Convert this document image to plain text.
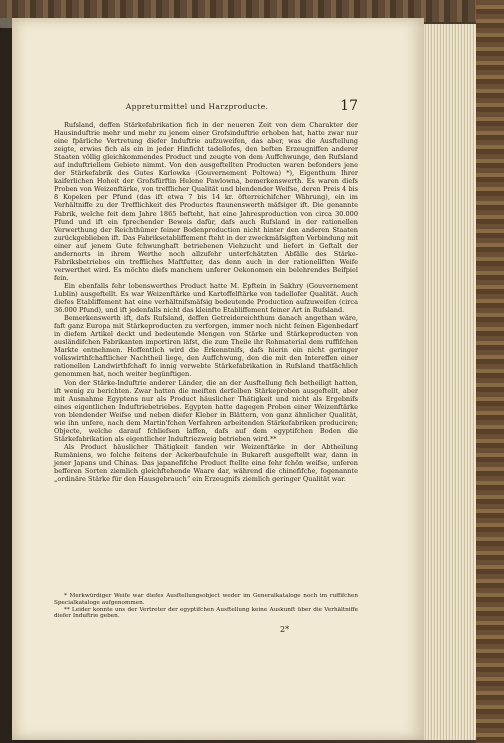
Appreturmittel und Harzproducte.	17

Rufsland, deffen Stärkefabrikation fich in der neueren Zeit von dem Charakter der Hausinduftrie mehr und mehr zu jenem einer Grofsinduftrie erhoben hat, hatte zwar nur eine fpärliche Vertretung diefer Induftrie aufzuweifen, das aber, was die Ausftellung zeigte, erwies fich als ein in jeder Hinficht tadellofes, den beften Erzeugniffen anderer Staaten völlig gleichkommendes Product und zeugte von dem Auffchwunge, den Rufsland auf induftriellem Gebiete nimmt. Von den ausgeftellten Producten waren befonders jene der Stärkefabrik des Gutes Karlowka (Gouvernement Poltowa) *), Eigenthum Ihrer kaiferlichen Hoheit der Grofsfürftin Helene Pawlowna, bemerkenswerth. Es waren diefs Proben von Weizenftärke, von trefflicher Qualität und blendender Weifse, deren Preis 4 bis 8 Kopeken per Pfund (das ift etwa 7 bis 14 kr. öfterreichifcher Währung), ein im Verhältniffe zu der Trefflichkeit des Productes ftaunenswerth mäfsiger ift. Die genannte Fabrik, welche feit dem Jahre 1865 befteht, hat eine Jahresproduction von circa 30.000 Pfund und ift ein fprechender Beweis dafür, dafs auch Rufsland in der rationellen Verwerthung der Reichthümer feiner Bodenproduction nicht hinter den anderen Staaten zurückgeblieben ift. Das Fabriksetabliffement fteht in der zweckmäfsigften Verbindung mit einer auf jenem Gute fchwunghaft betriebenen Viehzucht und liefert in Geftalt der andernorts in ihrem Werthe noch allzufehr unterfchätzten Abfälle des Stärke-Fabriksbetriebes ein treffliches Maftfutter, das denn auch in der rationellften Weife verwerthet wird. Es möchte diefs manchem unferer Oekonomen ein belehrendes Beifpiel fein.

Ein ebenfalls fehr lobenswerthes Product hatte M. Epftein in Sakhry (Gouvernement Lublin) ausgeftellt. Es war Weizenftärke und Kartoffelftärke von tadellofer Qualität. Auch diefes Etabliffement hat eine verhältnifsmäfsig bedeutende Production aufzuweifen (circa 36.000 Pfund), und ift jedenfalls nicht das kleinfte Etabliffement feiner Art in Rufsland.

Bemerkenswerth ift, dafs Rufsland, deffen Getreidereichthum danach angethan wäre, faft ganz Europa mit Stärkeproducten zu verforgen, immer noch nicht feinen Eigenbedarf in diefem Artikel deckt und bedeutende Mengen von Stärke und Stärkeproducten von ausländifchen Fabrikanten importiren läfst, die zum Theile ihr Rohmaterial dem ruffifchen Markte entnehmen. Hoffentlich wird die Erkenntnifs, dafs hierin ein nicht geringer volkswirthfchaftlicher Nachtheil liege, den Auffchwung, den die mit den Intereffen einer rationellen Landwirthfchaft fo innig verwebte Stärkefabrikation in Rufsland thatfächlich genommen hat, noch weiter begünftigen.

Von der Stärke-Induftrie anderer Länder, die an der Ausftellung fich betheiligt hatten, ift wenig zu berichten. Zwar hatten die meiften derfelben Stärkeproben ausgeftellt, aber mit Ausnahme Egyptens nur als Product häuslicher Thätigkeit und nicht als Ergebnifs eines eigentlichen Induftriebetriebes. Egypten hatte dagegen Proben einer Weizenftärke von blendender Weifse und neben diefer Kleber in Blättern, von ganz ähnlicher Qualität, wie ihn unfere, nach dem Martin'fchen Verfahren arbeitenden Stärkefabriken produciren; Objecte, welche darauf fchliefsen laffen, dafs auf dem egyptifchen Boden die Stärkefabrikation als eigentlicher Induftriezweig betrieben wird.**

Als Product häuslicher Thätigkeit fanden wir Weizenftärke in der Abtheilung Rumäniens, wo folche feitens der Ackerbaufchule in Bukareft ausgeftellt war, dann in jener Japans und Chinas. Das japanefifche Product ftellte eine fehr fchön weifse, unferen befferen Sorten ziemlich gleichftehende Waare dar, während die chinefifche, fogenannte „ordinäre Stärke für den Hausgebrauch“ ein Erzeugnifs ziemlich geringer Qualität war.

* Merkwürdiger Weife war diefes Ausftellungsobject weder im Generalkataloge noch im ruffifchen Specialkataloge aufgenommen.

** Leider konnte uns der Vertreter der egyptifchen Ausftellung keine Auskunft über die Verhältniffe diefer Induftrie geben.

2*
